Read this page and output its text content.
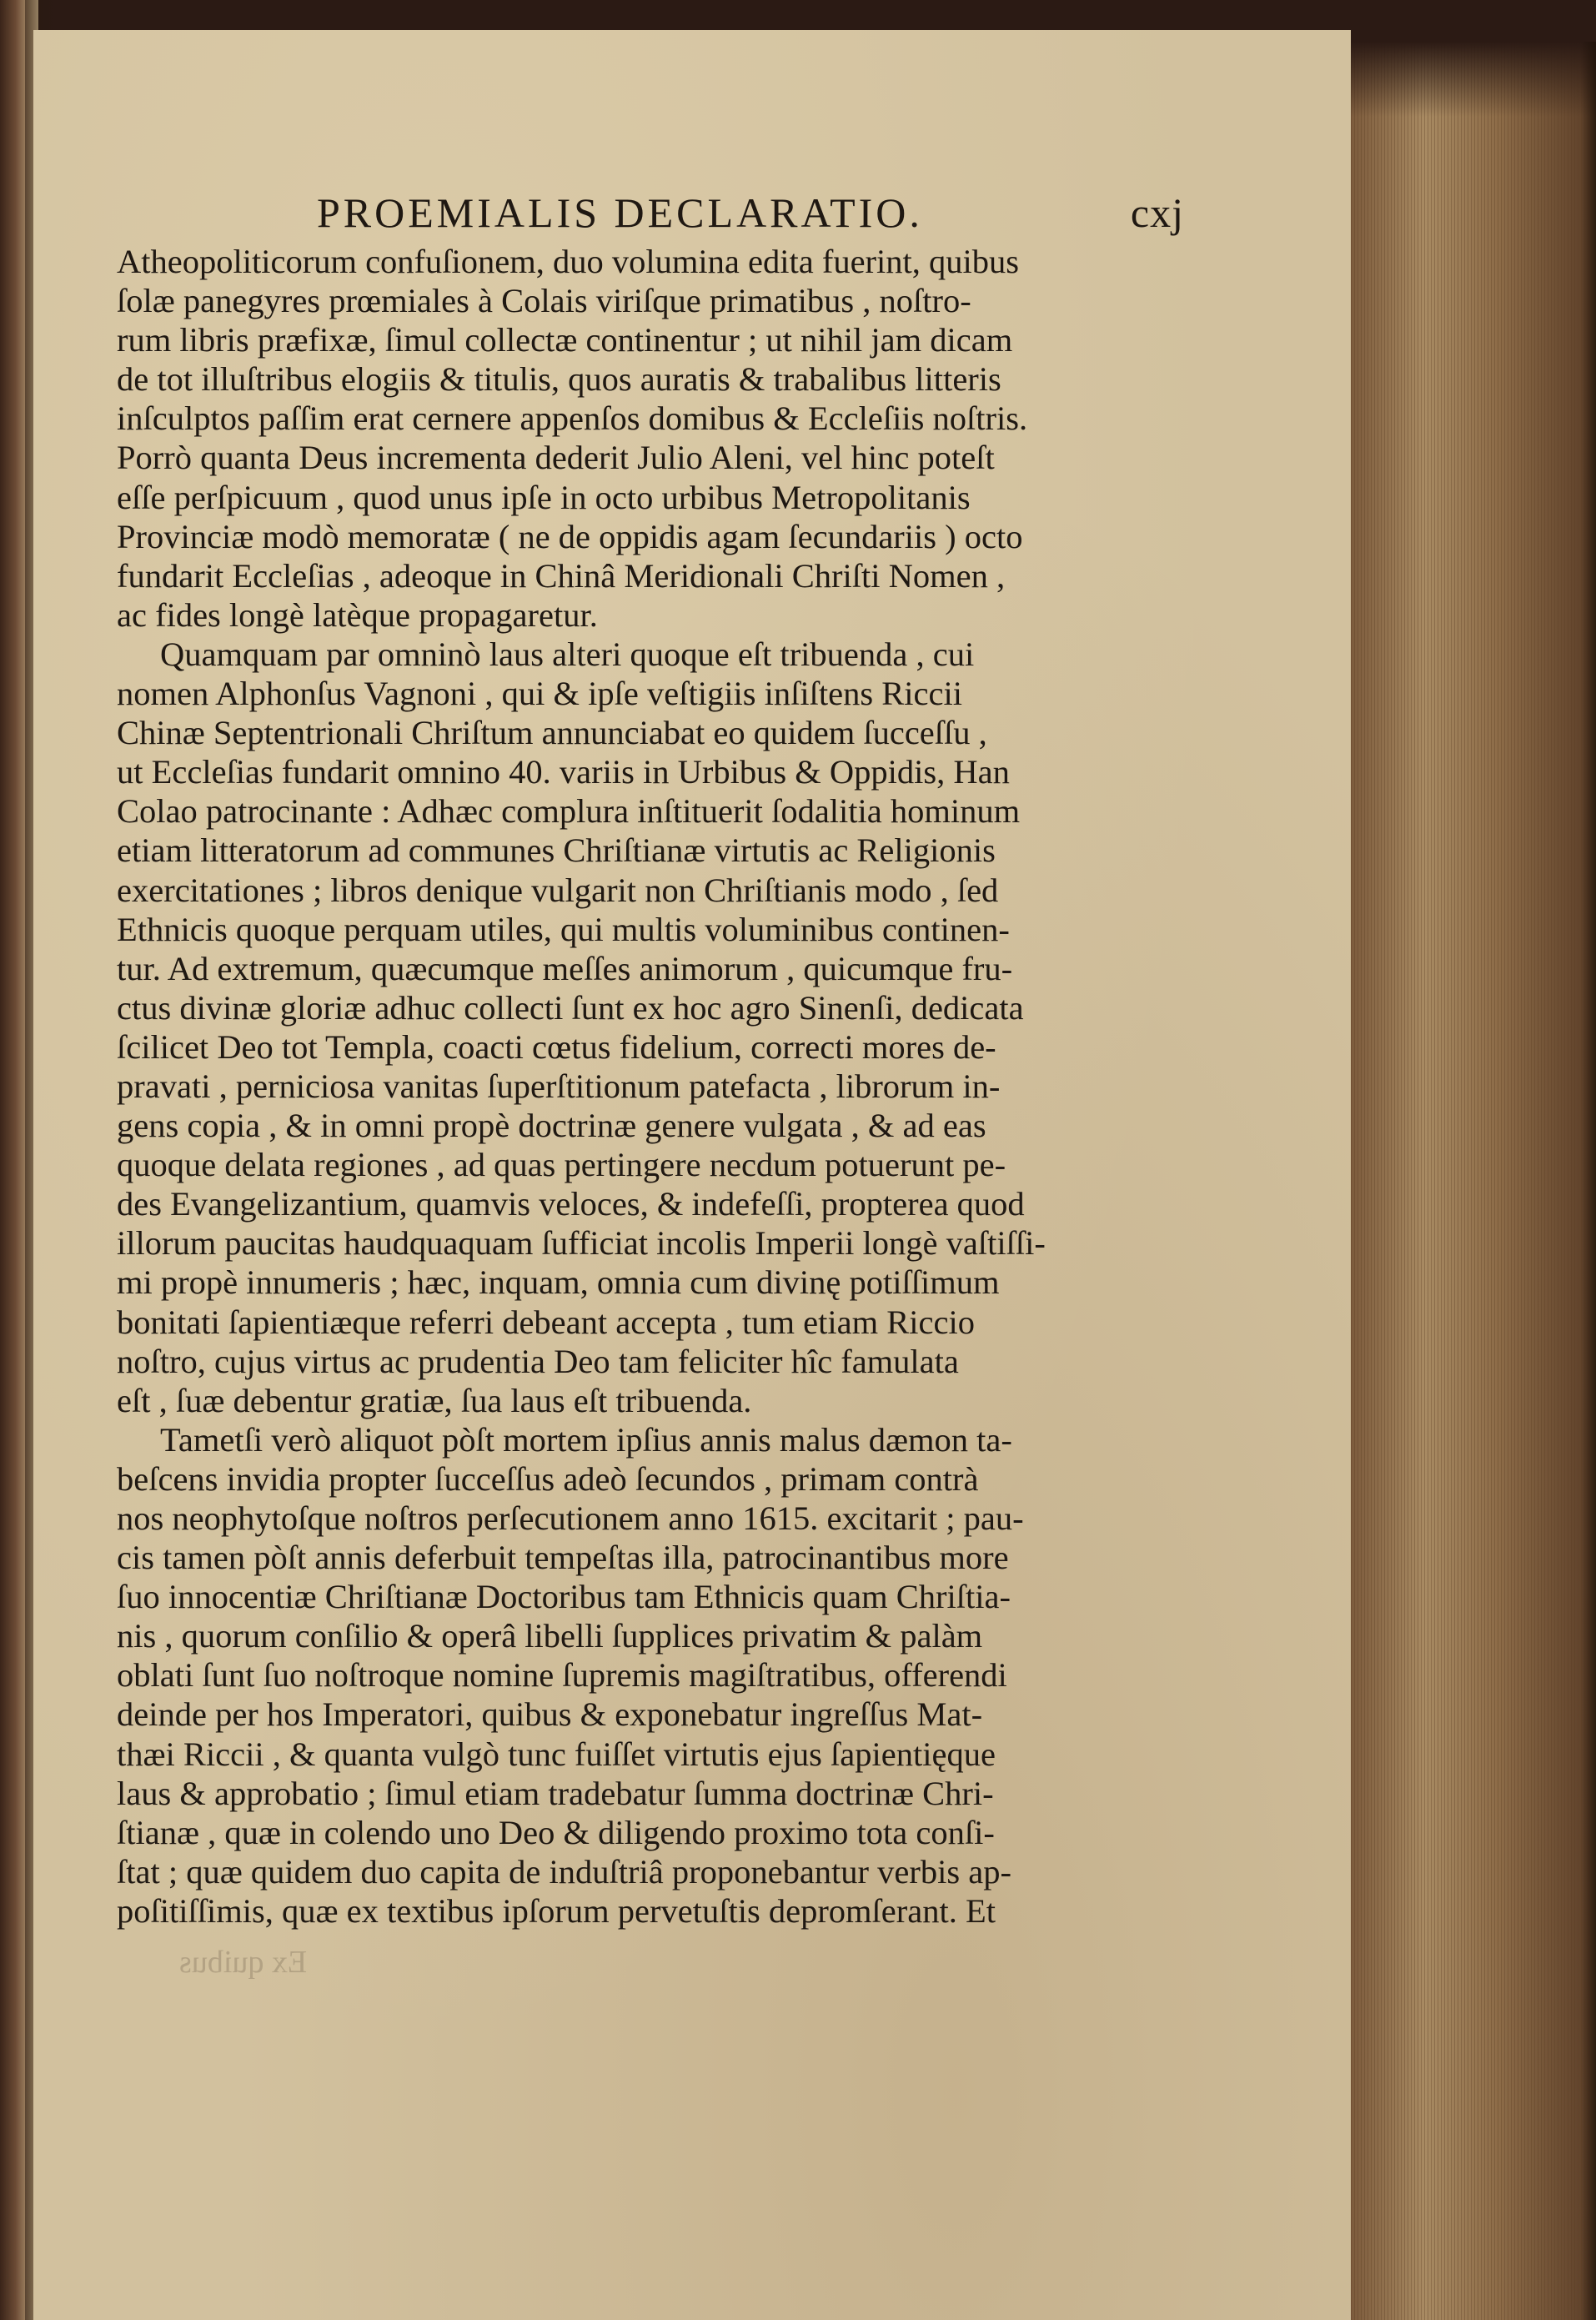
PROEMIALIS DECLARATIO.	cxj
Atheopoliticorum confuſionem, duo volumina edita fuerint, quibus
ſolæ panegyres prœmiales à Colais viriſque primatibus , noſtro-
rum libris præfixæ, ſimul collectæ continentur ; ut nihil jam dicam
de tot illuſtribus elogiis & titulis, quos auratis & trabalibus litteris
inſculptos paſſim erat cernere appenſos domibus & Eccleſiis noſtris.
Porrò quanta Deus incrementa dederit Julio Aleni, vel hinc poteſt
eſſe perſpicuum , quod unus ipſe in octo urbibus Metropolitanis
Provinciæ modò memoratæ ( ne de oppidis agam ſecundariis ) octo
fundarit Eccleſias , adeoque in Chinâ Meridionali Chriſti Nomen ,
ac fides longè latèque propagaretur.
Quamquam par omninò laus alteri quoque eſt tribuenda , cui
nomen Alphonſus Vagnoni , qui & ipſe veſtigiis inſiſtens Riccii
Chinæ Septentrionali Chriſtum annunciabat eo quidem ſucceſſu ,
ut Eccleſias fundarit omnino 40. variis in Urbibus & Oppidis, Han
Colao patrocinante : Adhæc complura inſtituerit ſodalitia hominum
etiam litteratorum ad communes Chriſtianæ virtutis ac Religionis
exercitationes ; libros denique vulgarit non Chriſtianis modo , ſed
Ethnicis quoque perquam utiles, qui multis voluminibus continen-
tur. Ad extremum, quæcumque meſſes animorum , quicumque fru-
ctus divinæ gloriæ adhuc collecti ſunt ex hoc agro Sinenſi, dedicata
ſcilicet Deo tot Templa, coacti cœtus fidelium, correcti mores de-
pravati , perniciosa vanitas ſuperſtitionum patefacta , librorum in-
gens copia , & in omni propè doctrinæ genere vulgata , & ad eas
quoque delata regiones , ad quas pertingere necdum potuerunt pe-
des Evangelizantium, quamvis veloces, & indefeſſi, propterea quod
illorum paucitas haudquaquam ſufficiat incolis Imperii longè vaſtiſſi-
mi propè innumeris ; hæc, inquam, omnia cum divinę potiſſimum
bonitati ſapientiæque referri debeant accepta , tum etiam Riccio
noſtro, cujus virtus ac prudentia Deo tam feliciter hîc famulata
eſt , ſuæ debentur gratiæ, ſua laus eſt tribuenda.
Tametſi verò aliquot pòſt mortem ipſius annis malus dæmon ta-
beſcens invidia propter ſucceſſus adeò ſecundos , primam contrà
nos neophytoſque noſtros perſecutionem anno 1615. excitarit ; pau-
cis tamen pòſt annis deferbuit tempeſtas illa, patrocinantibus more
ſuo innocentiæ Chriſtianæ Doctoribus tam Ethnicis quam Chriſtia-
nis , quorum conſilio & operâ libelli ſupplices privatim & palàm
oblati ſunt ſuo noſtroque nomine ſupremis magiſtratibus, offerendi
deinde per hos Imperatori, quibus & exponebatur ingreſſus Mat-
thæi Riccii , & quanta vulgò tunc fuiſſet virtutis ejus ſapientięque
laus & approbatio ; ſimul etiam tradebatur ſumma doctrinæ Chri-
ſtianæ , quæ in colendo uno Deo & diligendo proximo tota conſi-
ſtat ; quæ quidem duo capita de induſtriâ proponebantur verbis ap-
poſitiſſimis, quæ ex textibus ipſorum pervetuſtis depromſerant. Et
Ex quibus
